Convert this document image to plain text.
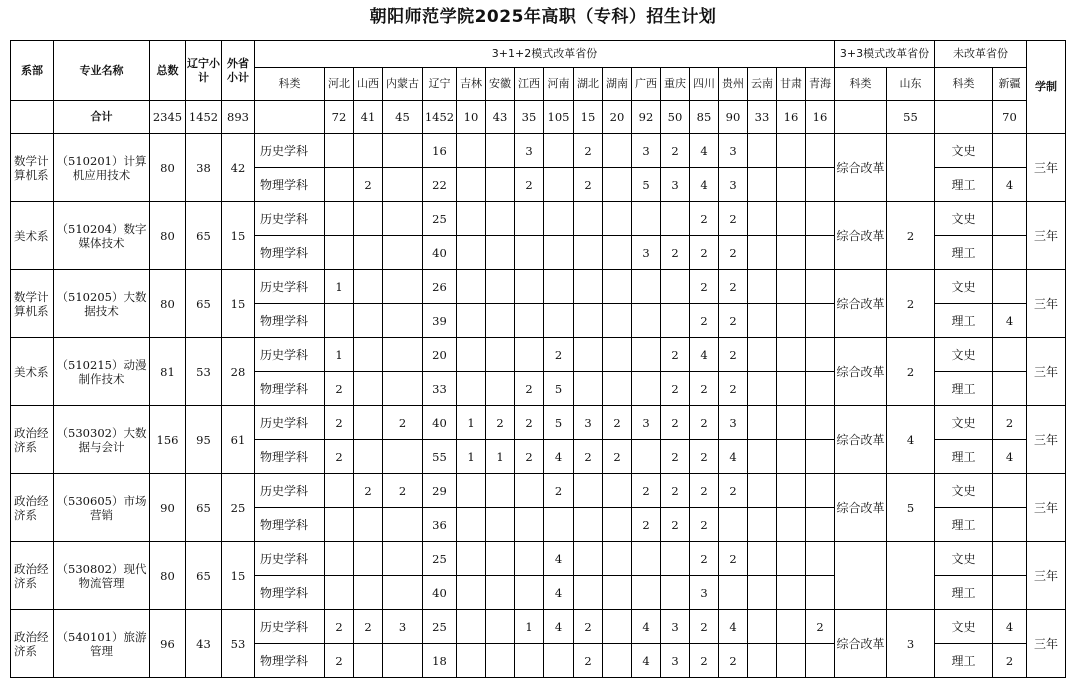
朝阳师范学院2025年高职（专科）招生计划
系部	专业名称	总数	辽宁小计	外省小计	3+1+2模式改革省份																		3+3模式改革省份		未改革省份		学制
					科类	河北	山西	内蒙古	辽宁	吉林	安徽	江西	河南	湖北	湖南	广西	重庆	四川	贵州	云南	甘肃	青海	科类	山东	科类	新疆	
	合计	2345	1452	893		72	41	45	1452	10	43	35	105	15	20	92	50	85	90	33	16	16		55		70	
数学计算机系	（510201）计算机应用技术	80	38	42	历史学科				16			3		2		3	2	4	3				综合改革		文史		三年
					物理学科		2		22			2		2		5	3	4	3						理工	4	
美术系	（510204）数字媒体技术	80	65	15	历史学科				25									2	2				综合改革	2	文史		三年
					物理学科				40							3	2	2	2						理工		
数学计算机系	（510205）大数据技术	80	65	15	历史学科	1			26									2	2				综合改革	2	文史		三年
					物理学科				39									2	2						理工	4	
美术系	（510215）动漫制作技术	81	53	28	历史学科	1			20				2				2	4	2				综合改革	2	文史		三年
					物理学科	2			33			2	5				2	2	2						理工		
政治经济系	（530302）大数据与会计	156	95	61	历史学科	2		2	40	1	2	2	5	3	2	3	2	2	3				综合改革	4	文史	2	三年
					物理学科	2			55	1	1	2	4	2	2		2	2	4						理工	4	
政治经济系	（530605）市场营销	90	65	25	历史学科		2	2	29				2			2	2	2	2				综合改革	5	文史		三年
					物理学科				36							2	2	2							理工		
政治经济系	（530802）现代物流管理	80	65	15	历史学科				25				4					2	2						文史		三年
					物理学科				40				4					3							理工		
政治经济系	（540101）旅游管理	96	43	53	历史学科	2	2	3	25			1	4	2		4	3	2	4			2	综合改革	3	文史	4	三年
					物理学科	2			18					2		4	3	2	2						理工	2	
